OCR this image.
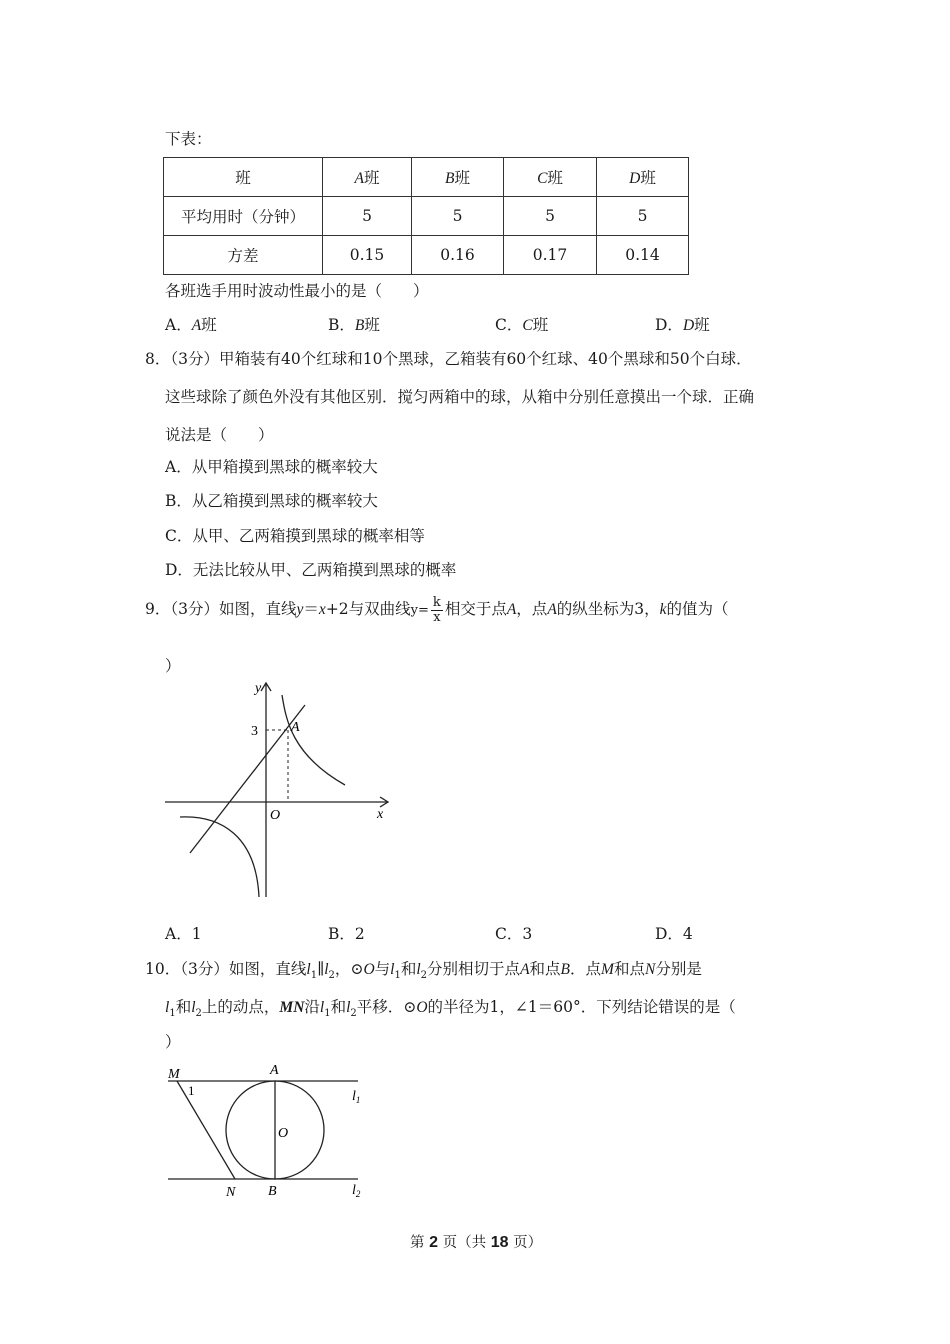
下表：
班	A班	B班	C班	D班
平均用时（分钟）	5	5	5	5
方差	0.15	0.16	0.17	0.14
各班选手用时波动性最小的是（　　）
A．A班	B．B班	C．C班	D．D班
8．（3分）甲箱装有40个红球和10个黑球，乙箱装有60个红球、40个黑球和50个白球．
这些球除了颜色外没有其他区别．搅匀两箱中的球，从箱中分别任意摸出一个球．正确
说法是（　　）
A．从甲箱摸到黑球的概率较大
B．从乙箱摸到黑球的概率较大
C．从甲、乙两箱摸到黑球的概率相等
D．无法比较从甲、乙两箱摸到黑球的概率
9．（3分）如图，直线y＝x+2与双曲线$y= \frac{k}{x}$ 相交于点A，点A的纵坐标为3，k的值为（
）
y
x
O
3 A
A．1	B．2	C．3	D．4
10．（3分）如图，直线$l_1\parallel l_2$，⊙O与$l_1$和$l_2$分别相切于点A和点B．点M和点N分别是
$l_1$和$l_2$上的动点，MN沿$l_1$和$l_2$平移．⊙O的半径为1，∠1＝60°．下列结论错误的是（
）
M
1
A
O
B
N
$l_1$
$l_2$
第 2 页（共 18 页）
